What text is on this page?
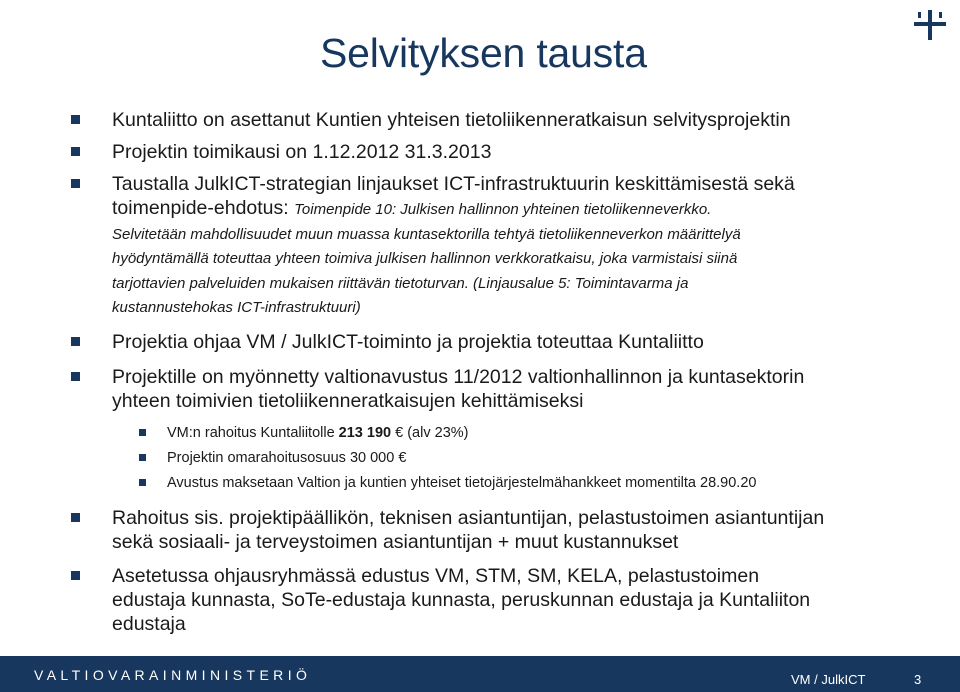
Selvityksen tausta

Kuntaliitto on asettanut Kuntien yhteisen tietoliikenneratkaisun selvitysprojektin

Projektin toimikausi on 1.12.2012 31.3.2013

Taustalla JulkICT-strategian linjaukset ICT-infrastruktuurin keskittämisestä sekä
toimenpide-ehdotus: Toimenpide 10: Julkisen hallinnon yhteinen tietoliikenneverkko.
Selvitetään mahdollisuudet muun muassa kuntasektorilla tehtyä tietoliikenneverkon määrittelyä
hyödyntämällä toteuttaa yhteen toimiva julkisen hallinnon verkkoratkaisu, joka varmistaisi siinä
tarjottavien palveluiden mukaisen riittävän tietoturvan. (Linjausalue 5: Toimintavarma ja
kustannustehokas ICT-infrastruktuuri)

Projektia ohjaa VM / JulkICT-toiminto ja projektia toteuttaa Kuntaliitto

Projektille on myönnetty valtionavustus 11/2012 valtionhallinnon ja kuntasektorin
yhteen toimivien tietoliikenneratkaisujen kehittämiseksi

VM:n rahoitus Kuntaliitolle 213 190 € (alv 23%)

Projektin omarahoitusosuus 30 000 €

Avustus maksetaan Valtion ja kuntien yhteiset tietojärjestelmähankkeet momentilta 28.90.20

Rahoitus sis. projektipäällikön, teknisen asiantuntijan, pelastustoimen asiantuntijan
sekä sosiaali- ja terveystoimen asiantuntijan + muut kustannukset

Asetetussa ohjausryhmässä edustus VM, STM, SM, KELA, pelastustoimen
edustaja kunnasta, SoTe-edustaja kunnasta, peruskunnan edustaja ja Kuntaliiton
edustaja

VALTIOVARAINMINISTERIÖ	VM / JulkICT	3
